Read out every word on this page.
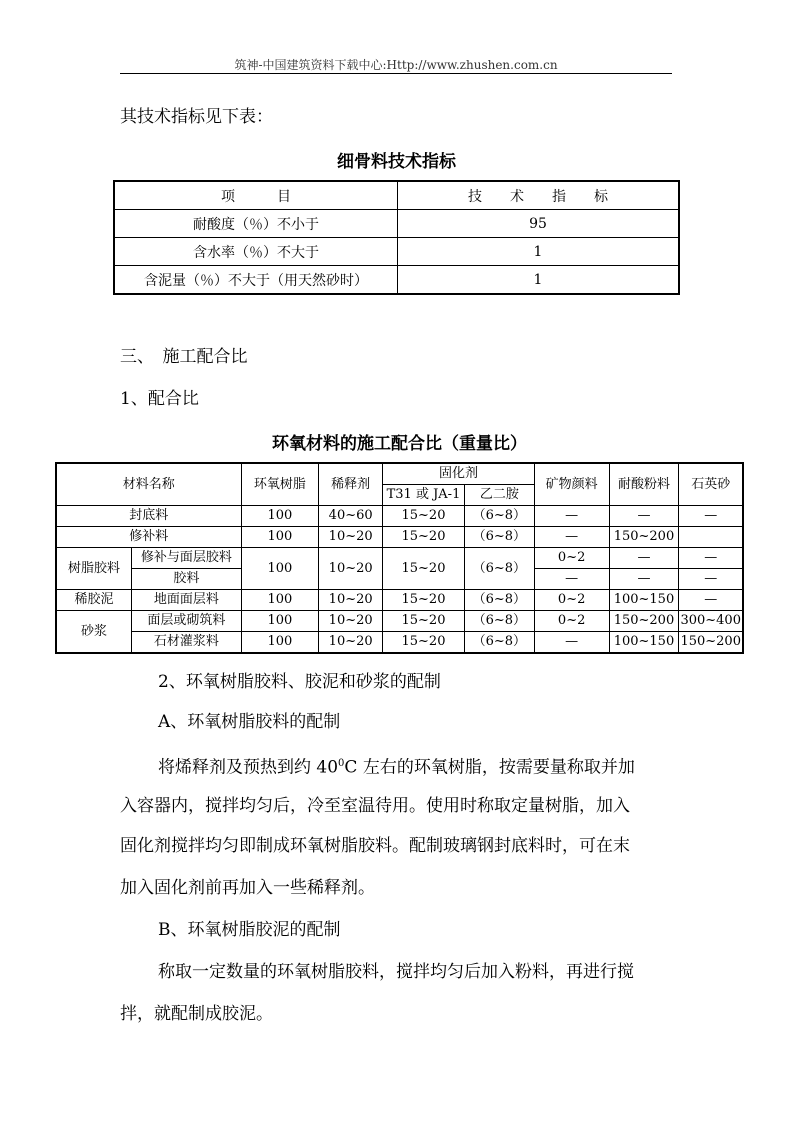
筑神-中国建筑资料下载中心:Http://www.zhushen.com.cn
其技术指标见下表：
细骨料技术指标
项　　　目	技　　术　　指　　标
耐酸度（％）不小于	95
含水率（％）不大于	1
含泥量（％）不大于（用天然砂时）	1
三、　施工配合比
1、配合比
环氧材料的施工配合比（重量比）
材料名称		环氧树脂	稀释剂	固化剂		矿物颜料	耐酸粉料	石英砂
				T31 或 JA-1	乙二胺			
封底料		100	40~60	15~20	（6~8）	—	—	—
修补料		100	10~20	15~20	（6~8）	—	150~200	
树脂胶料	修补与面层胶料	100	10~20	15~20	（6~8）	0~2	—	—
	胶料					—	—	—
稀胶泥	地面面层料	100	10~20	15~20	（6~8）	0~2	100~150	—
砂浆	面层或砌筑料	100	10~20	15~20	（6~8）	0~2	150~200	300~400
	石材灌浆料	100	10~20	15~20	（6~8）	—	100~150	150~200
2、环氧树脂胶料、胶泥和砂浆的配制
A、环氧树脂胶料的配制
将烯释剂及预热到约 $40^0C$ 左右的环氧树脂，按需要量称取并加
入容器内，搅拌均匀后，冷至室温待用。使用时称取定量树脂，加入
固化剂搅拌均匀即制成环氧树脂胶料。配制玻璃钢封底料时，可在末
加入固化剂前再加入一些稀释剂。
B、环氧树脂胶泥的配制
称取一定数量的环氧树脂胶料，搅拌均匀后加入粉料，再进行搅
拌，就配制成胶泥。
